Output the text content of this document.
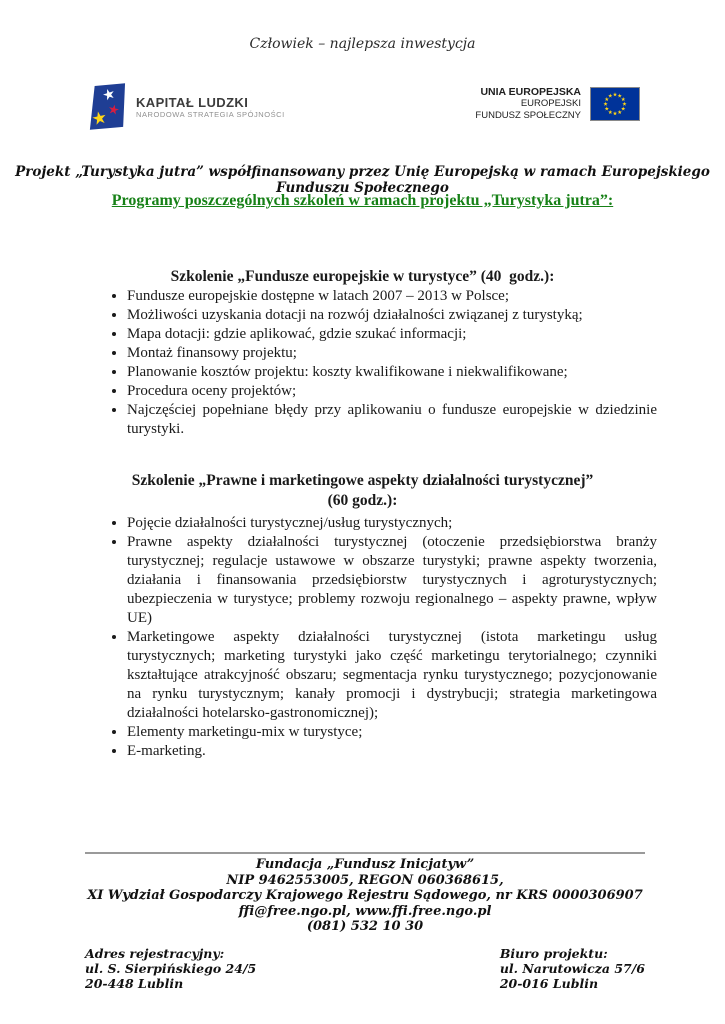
Człowiek – najlepsza inwestycja
KAPITAŁ LUDZKI
NARODOWA STRATEGIA SPÓJNOŚCI
UNIA EUROPEJSKA
EUROPEJSKI
FUNDUSZ SPOŁECZNY
Projekt „Turystyka jutra” współfinansowany przez Unię Europejską w ramach Europejskiego Funduszu Społecznego
Programy poszczególnych szkoleń w ramach projektu „Turystyka jutra”:
Szkolenie „Fundusze europejskie w turystyce” (40  godz.):
• Fundusze europejskie dostępne w latach 2007 – 2013 w Polsce;
• Możliwości uzyskania dotacji na rozwój działalności związanej z turystyką;
• Mapa dotacji: gdzie aplikować, gdzie szukać informacji;
• Montaż finansowy projektu;
• Planowanie kosztów projektu: koszty kwalifikowane i niekwalifikowane;
• Procedura oceny projektów;
• Najczęściej popełniane błędy przy aplikowaniu o fundusze europejskie w dziedzinie turystyki.
Szkolenie „Prawne i marketingowe aspekty działalności turystycznej”
(60 godz.):
• Pojęcie działalności turystycznej/usług turystycznych;
• Prawne aspekty działalności turystycznej (otoczenie przedsiębiorstwa branży turystycznej; regulacje ustawowe w obszarze turystyki; prawne aspekty tworzenia, działania i finansowania przedsiębiorstw turystycznych i agroturystycznych; ubezpieczenia w turystyce; problemy rozwoju regionalnego – aspekty prawne, wpływ UE)
• Marketingowe aspekty działalności turystycznej (istota marketingu usług turystycznych; marketing turystyki jako część marketingu terytorialnego; czynniki kształtujące atrakcyjność obszaru; segmentacja rynku turystycznego; pozycjonowanie na rynku turystycznym; kanały promocji i dystrybucji; strategia marketingowa działalności hotelarsko-gastronomicznej);
• Elementy marketingu-mix w turystyce;
• E-marketing.
Fundacja „Fundusz Inicjatyw”
NIP 9462553005, REGON 060368615,
XI Wydział Gospodarczy Krajowego Rejestru Sądowego, nr KRS 0000306907
ffi@free.ngo.pl, www.ffi.free.ngo.pl
(081) 532 10 30
Adres rejestracyjny:
ul. S. Sierpińskiego 24/5
20-448 Lublin
Biuro projektu:
ul. Narutowicza 57/6
20-016 Lublin
